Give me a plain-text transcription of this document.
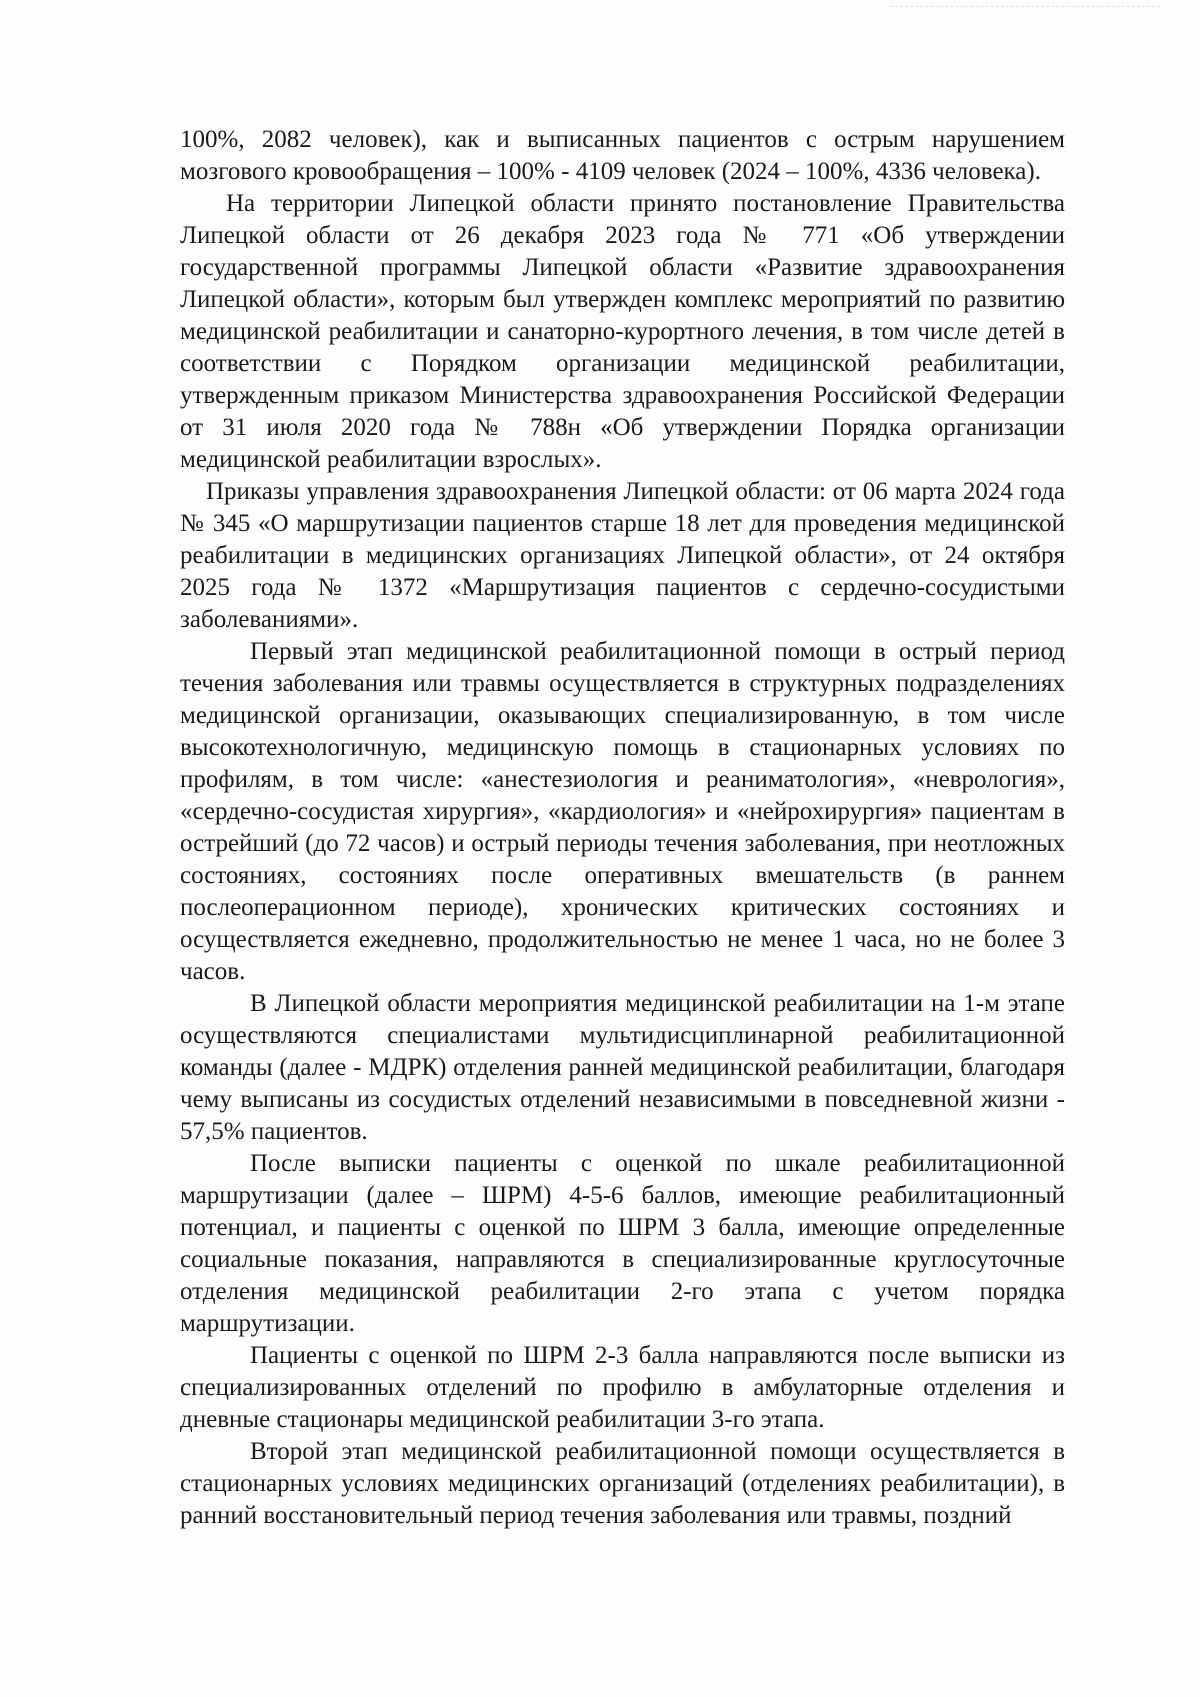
100%, 2082 человек), как и выписанных пациентов с острым нарушением мозгового кровообращения – 100% - 4109 человек (2024 – 100%, 4336 человека).

На территории Липецкой области принято постановление Правительства Липецкой области от 26 декабря 2023 года № 771 «Об утверждении государственной программы Липецкой области «Развитие здравоохранения Липецкой области», которым был утвержден комплекс мероприятий по развитию медицинской реабилитации и санаторно-курортного лечения, в том числе детей в соответствии с Порядком организации медицинской реабилитации, утвержденным приказом Министерства здравоохранения Российской Федерации от 31 июля 2020 года № 788н «Об утверждении Порядка организации медицинской реабилитации взрослых».

Приказы управления здравоохранения Липецкой области: от 06 марта 2024 года № 345 «О маршрутизации пациентов старше 18 лет для проведения медицинской реабилитации в медицинских организациях Липецкой области», от 24 октября 2025 года № 1372 «Маршрутизация пациентов с сердечно-сосудистыми заболеваниями».

Первый этап медицинской реабилитационной помощи в острый период течения заболевания или травмы осуществляется в структурных подразделениях медицинской организации, оказывающих специализированную, в том числе высокотехнологичную, медицинскую помощь в стационарных условиях по профилям, в том числе: «анестезиология и реаниматология», «неврология», «сердечно-сосудистая хирургия», «кардиология» и «нейрохирургия» пациентам в острейший (до 72 часов) и острый периоды течения заболевания, при неотложных состояниях, состояниях после оперативных вмешательств (в раннем послеоперационном периоде), хронических критических состояниях и осуществляется ежедневно, продолжительностью не менее 1 часа, но не более 3 часов.

В Липецкой области мероприятия медицинской реабилитации на 1-м этапе осуществляются специалистами мультидисциплинарной реабилитационной команды (далее - МДРК) отделения ранней медицинской реабилитации, благодаря чему выписаны из сосудистых отделений независимыми в повседневной жизни - 57,5% пациентов.

После выписки пациенты с оценкой по шкале реабилитационной маршрутизации (далее – ШРМ) 4-5-6 баллов, имеющие реабилитационный потенциал, и пациенты с оценкой по ШРМ 3 балла, имеющие определенные социальные показания, направляются в специализированные круглосуточные отделения медицинской реабилитации 2-го этапа с учетом порядка маршрутизации.

Пациенты с оценкой по ШРМ 2-3 балла направляются после выписки из специализированных отделений по профилю в амбулаторные отделения и дневные стационары медицинской реабилитации 3-го этапа.

Второй этап медицинской реабилитационной помощи осуществляется в стационарных условиях медицинских организаций (отделениях реабилитации), в ранний восстановительный период течения заболевания или травмы, поздний
